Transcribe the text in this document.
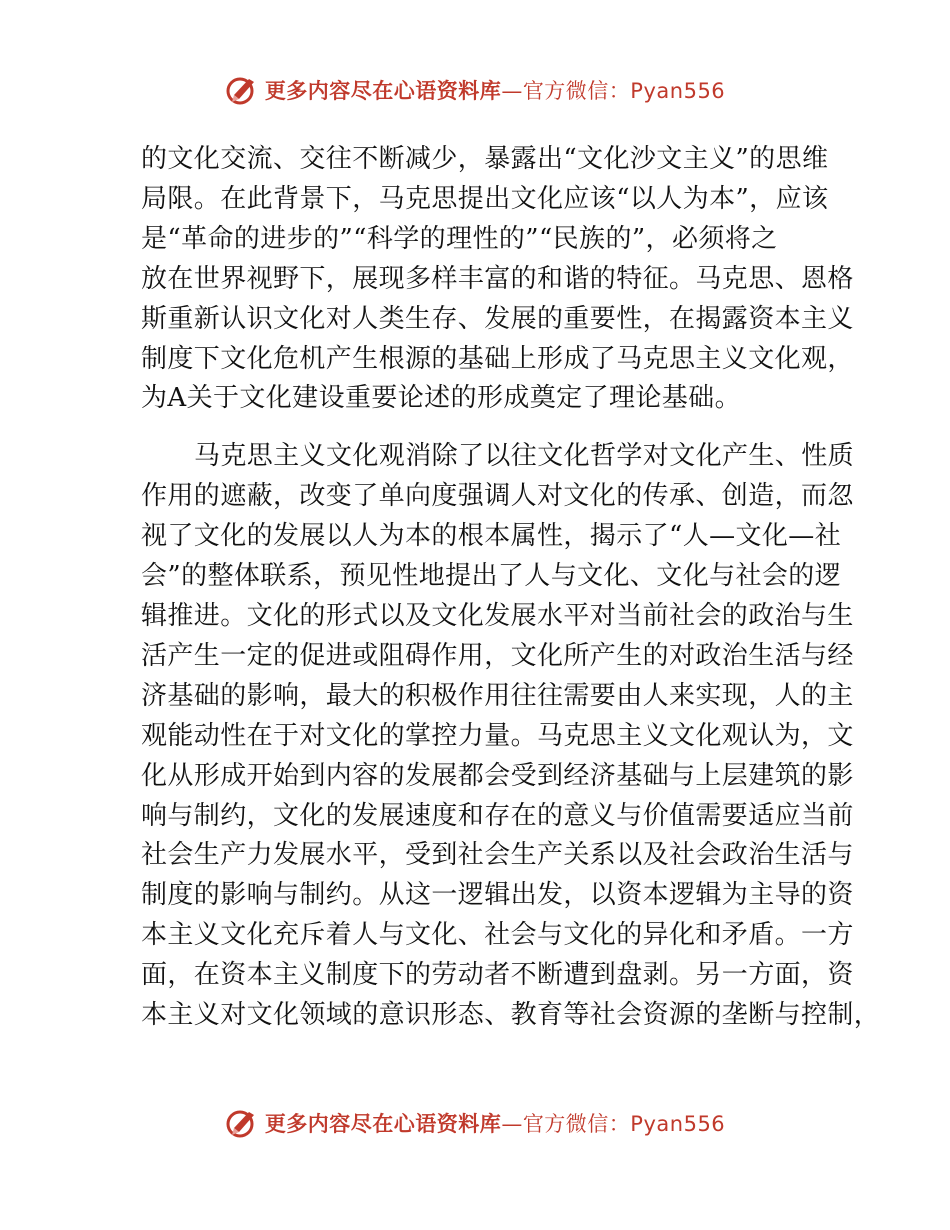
更多内容尽在心语资料库—官方微信：Pyan556
的文化交流、交往不断减少，暴露出“文化沙文主义”的思维
局限。在此背景下，马克思提出文化应该“以人为本”，应该
是“革命的进步的”“科学的理性的”“民族的”，必须将之
放在世界视野下，展现多样丰富的和谐的特征。马克思、恩格
斯重新认识文化对人类生存、发展的重要性，在揭露资本主义
制度下文化危机产生根源的基础上形成了马克思主义文化观，
为A关于文化建设重要论述的形成奠定了理论基础。
马克思主义文化观消除了以往文化哲学对文化产生、性质
作用的遮蔽，改变了单向度强调人对文化的传承、创造，而忽
视了文化的发展以人为本的根本属性，揭示了“人—文化—社
会”的整体联系，预见性地提出了人与文化、文化与社会的逻
辑推进。文化的形式以及文化发展水平对当前社会的政治与生
活产生一定的促进或阻碍作用，文化所产生的对政治生活与经
济基础的影响，最大的积极作用往往需要由人来实现，人的主
观能动性在于对文化的掌控力量。马克思主义文化观认为，文
化从形成开始到内容的发展都会受到经济基础与上层建筑的影
响与制约，文化的发展速度和存在的意义与价值需要适应当前
社会生产力发展水平，受到社会生产关系以及社会政治生活与
制度的影响与制约。从这一逻辑出发，以资本逻辑为主导的资
本主义文化充斥着人与文化、社会与文化的异化和矛盾。一方
面，在资本主义制度下的劳动者不断遭到盘剥。另一方面，资
本主义对文化领域的意识形态、教育等社会资源的垄断与控制，
更多内容尽在心语资料库—官方微信：Pyan556
